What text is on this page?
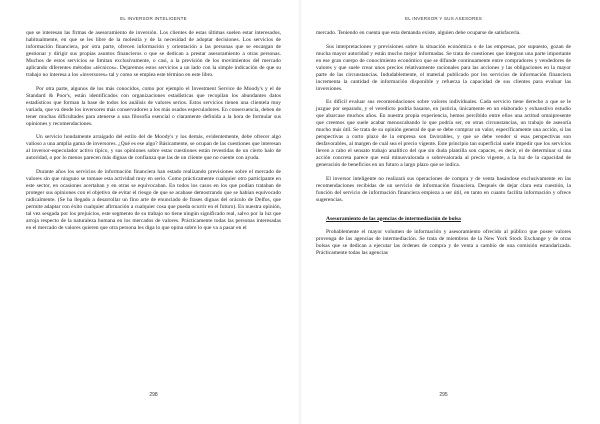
EL INVERSOR INTELIGENTE

que se interesan las firmas de asesoramiento de inversión. Los clientes de estas últimas suelen estar interesados, habitualmente, en que se les libre de la molestia y de la necesidad de adoptar decisiones. Los servicios de información financiera, por otra parte, ofrecen información y orientación a las personas que se encargan de gestionar y dirigir sus propias asuntos financieros o que se dedican a prestar asesoramiento a otras personas. Muchos de estos servicios se limitan exclusivamente, o casi, a la previsión de los movimientos del mercado aplicando diferentes métodos «técnicos». Dejaremos estos servicios a un lado con la simple indicación de que su trabajo no interesa a los «inversores» tal y como se emplea este término en este libro.

Por otra parte, algunos de los más conocidos, como por ejemplo el Investment Service de Moody's y el de Standard & Poor's, están identificados con organizaciones estadísticas que recopilan los abundantes datos estadísticos que forman la base de todos los análisis de valores serios. Estos servicios tienen una clientela muy variada, que va desde los inversores más conservadores a los más osados especuladores. En consecuencia, deben de tener muchas dificultades para atenerse a una filosofía esencial o claramente definida a la hora de formular sus opiniones y recomendaciones.

Un servicio hondamente arraigado del estilo del de Moody's y los demás, evidentemente, debe ofrecer algo valioso a una amplia gama de inversores. ¿Qué es ese algo? Básicamente, se ocupan de las cuestiones que interesan al inversor-especulador activo típico, y sus opiniones sobre estas cuestiones están revestidas de un cierto halo de autoridad, o por lo menos parecen más dignas de confianza que las de un cliente que no cuente con ayuda.

Durante años los servicios de información financiera han estado realizando previsiones sobre el mercado de valores sin que ninguno se tomase esta actividad muy en serio. Como prácticamente cualquier otro participante en este sector, en ocasiones acertaban y en otras se equivocaban. En todos los casos en los que podían trataban de proteger sus opiniones con el objetivo de evitar el riesgo de que se acabase demostrando que se habían equivocado radicalmente. (Se ha llegado a desarrollar un fino arte de enunciado de frases dignas del oráculo de Delfos, que permite adaptar con éxito cualquier afirmación a cualquier cosa que pueda ocurrir en el futuro). En nuestra opinión, tal vez sesgada por los prejuicios, este segmento de su trabajo no tiene ningún significado real, salvo por la luz que arroja respecto de la naturaleza humana en los mercados de valores. Prácticamente todas las personas interesadas en el mercado de valores quieren que otra persona les diga lo que opina sobre lo que va a pasar en el

298
EL INVERSOR Y SUS ASESORES

mercado. Teniendo en cuenta que esta demanda existe, alguien debe ocuparse de satisfacerla.

Sus interpretaciones y previsiones sobre la situación económica o de las empresas, por supuesto, gozan de mucha mayor autoridad y están mucho mejor informadas. Se trata de cuestiones que integran una parte importante en ese gran cuerpo de conocimiento económico que se difunde continuamente entre compradores y vendedores de valores y que suele crear unos precios relativamente racionales para las acciones y las obligaciones en la mayor parte de las circunstancias. Indudablemente, el material publicado por los servicios de información financiera incrementa la cantidad de información disponible y refuerza la capacidad de sus clientes para evaluar las inversiones.

Es difícil evaluar sus recomendaciones sobre valores individuales. Cada servicio tiene derecho a que se le juzgue por separado, y el veredicto podría basarse, en justicia, únicamente en un elaborado y exhaustivo estudio que abarcase muchos años. En nuestra propia experiencia, hemos percibido entre ellos una actitud omnipresente que creemos que suele acabar menoscabando lo que podría ser, en otras circunstancias, un trabajo de asesoría mucho más útil. Se trata de su opinión general de que se debe comprar un valor, específicamente una acción, si las perspectivas a corto plazo de la empresa son favorables, y que se debe vender si esas perspectivas son desfavorables, al margen de cuál sea el precio vigente. Este principio tan superficial suele impedir que los servicios lleven a cabo el sensato trabajo analítico del que sin duda plantilla son capaces, es decir, el de determinar si una acción concreta parece que está minusvalorada o sobrevalorada al precio vigente, a la luz de la capacidad de generación de beneficios en un futuro a largo plazo que se indica.

El inversor inteligente no realizará sus operaciones de compra y de venta basándose exclusivamente en las recomendaciones recibidas de un servicio de información financiera. Después de dejar clara esta cuestión, la función del servicio de información financiera empieza a ser útil, en tanto en cuanto facilita información y ofrece sugerencias.

Asesoramiento de las agencias de intermediación de bolsa

Probablemente el mayor volumen de información y asesoramiento ofrecido al público que posee valores provenga de las agencias de intermediación. Se trata de miembros de la New York Stock Exchange y de otras bolsas que se dedican a ejecutar las órdenes de compra y de venta a cambio de una comisión estandarizada. Prácticamente todas las agencias

295
